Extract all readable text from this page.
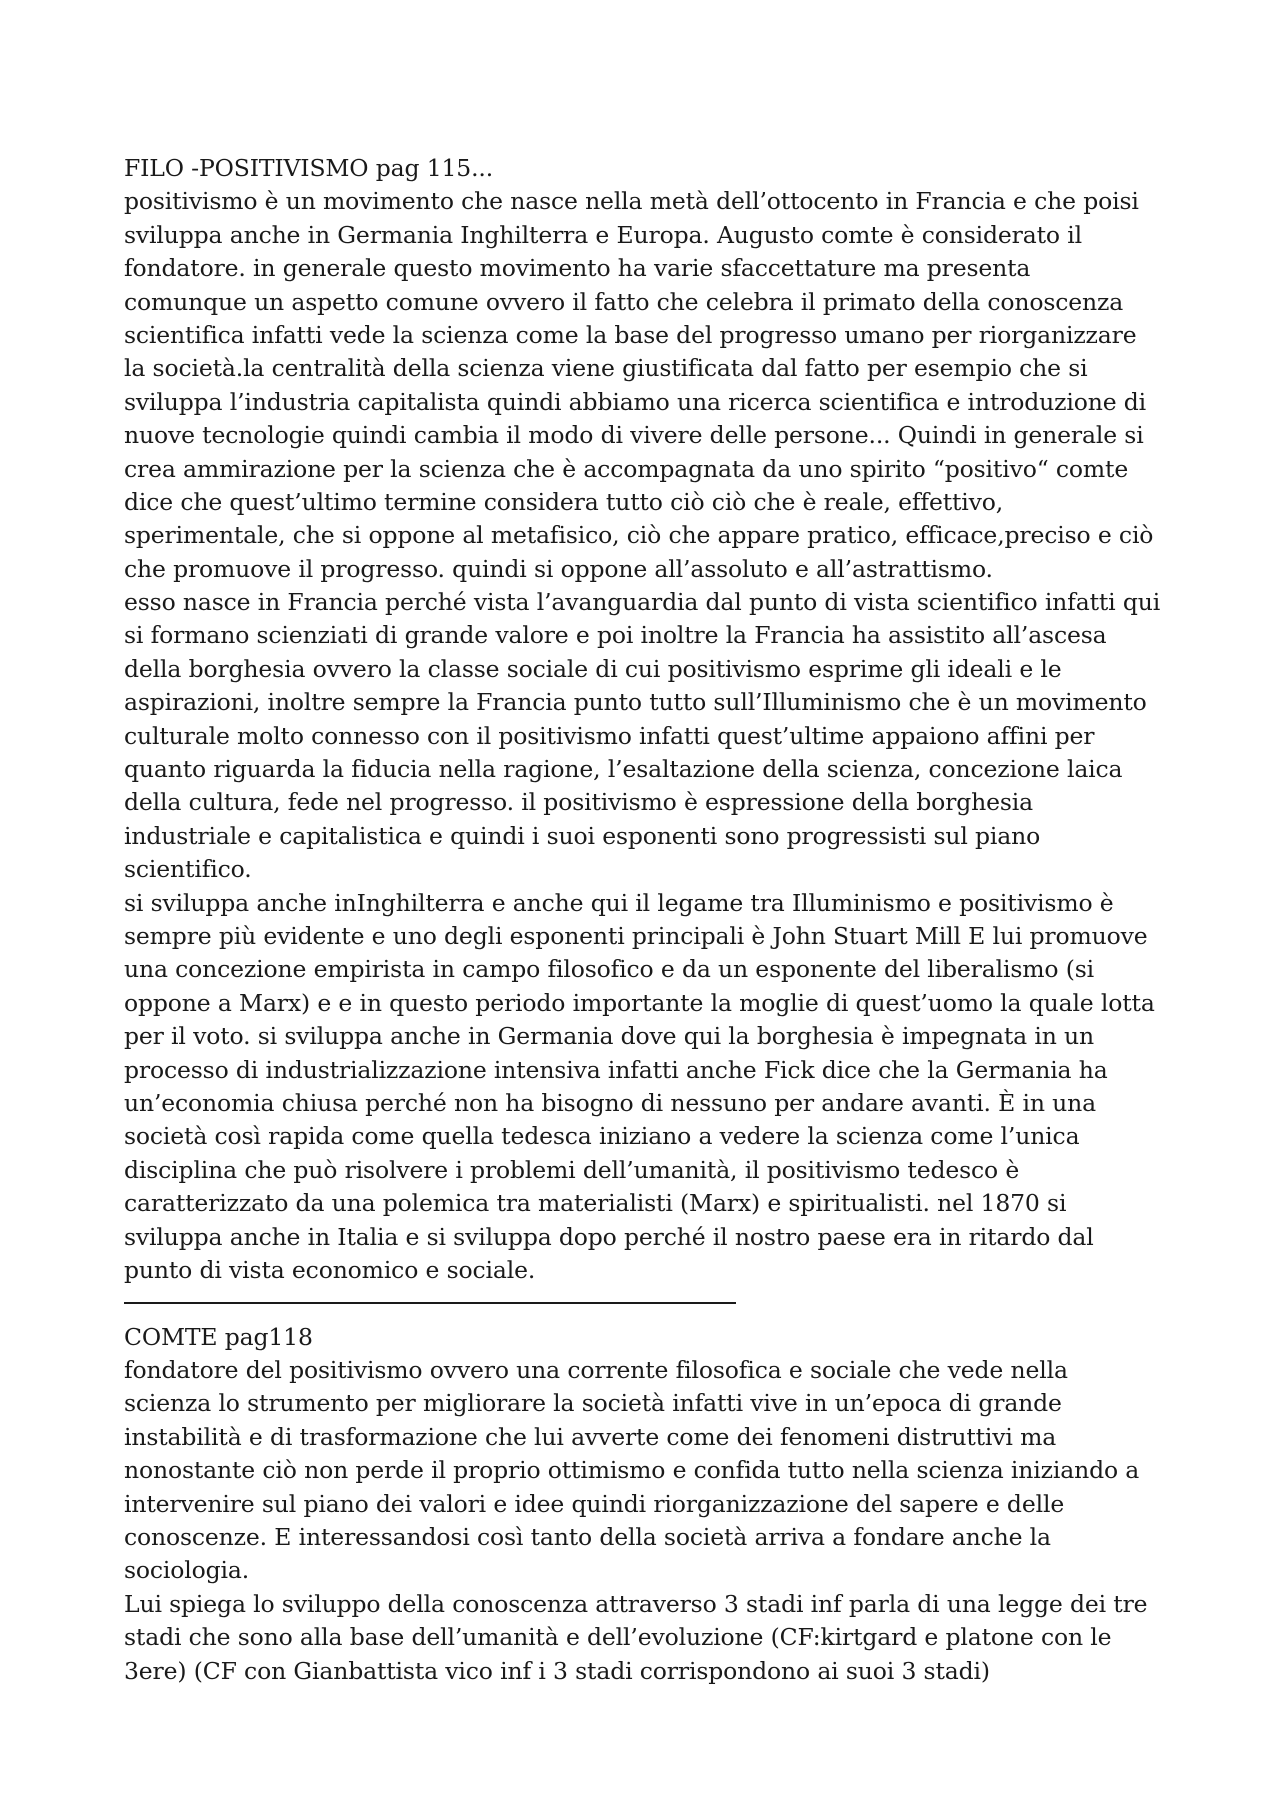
FILO -POSITIVISMO pag 115...
positivismo è un movimento che nasce nella metà dell’ottocento in Francia e che poisi
sviluppa anche in Germania Inghilterra e Europa. Augusto comte è considerato il
fondatore. in generale questo movimento ha varie sfaccettature ma presenta
comunque un aspetto comune ovvero il fatto che celebra il primato della conoscenza
scientifica infatti vede la scienza come la base del progresso umano per riorganizzare
la società.la centralità della scienza viene giustificata dal fatto per esempio che si
sviluppa l’industria capitalista quindi abbiamo una ricerca scientifica e introduzione di
nuove tecnologie quindi cambia il modo di vivere delle persone... Quindi in generale si
crea ammirazione per la scienza che è accompagnata da uno spirito “positivo“ comte
dice che quest’ultimo termine considera tutto ciò ciò che è reale, effettivo,
sperimentale, che si oppone al metafisico, ciò che appare pratico, efficace,preciso e ciò
che promuove il progresso. quindi si oppone all’assoluto e all’astrattismo.
esso nasce in Francia perché vista l’avanguardia dal punto di vista scientifico infatti qui
si formano scienziati di grande valore e poi inoltre la Francia ha assistito all’ascesa
della borghesia ovvero la classe sociale di cui positivismo esprime gli ideali e le
aspirazioni, inoltre sempre la Francia punto tutto sull’Illuminismo che è un movimento
culturale molto connesso con il positivismo infatti quest’ultime appaiono affini per
quanto riguarda la fiducia nella ragione, l’esaltazione della scienza, concezione laica
della cultura, fede nel progresso. il positivismo è espressione della borghesia
industriale e capitalistica e quindi i suoi esponenti sono progressisti sul piano
scientifico.
si sviluppa anche inInghilterra e anche qui il legame tra Illuminismo e positivismo è
sempre più evidente e uno degli esponenti principali è John Stuart Mill E lui promuove
una concezione empirista in campo filosofico e da un esponente del liberalismo (si
oppone a Marx) e e in questo periodo importante la moglie di quest’uomo la quale lotta
per il voto. si sviluppa anche in Germania dove qui la borghesia è impegnata in un
processo di industrializzazione intensiva infatti anche Fick dice che la Germania ha
un’economia chiusa perché non ha bisogno di nessuno per andare avanti. È in una
società così rapida come quella tedesca iniziano a vedere la scienza come l’unica
disciplina che può risolvere i problemi dell’umanità, il positivismo tedesco è
caratterizzato da una polemica tra materialisti (Marx) e spiritualisti. nel 1870 si
sviluppa anche in Italia e si sviluppa dopo perché il nostro paese era in ritardo dal
punto di vista economico e sociale.
COMTE pag118
fondatore del positivismo ovvero una corrente filosofica e sociale che vede nella
scienza lo strumento per migliorare la società infatti vive in un’epoca di grande
instabilità e di trasformazione che lui avverte come dei fenomeni distruttivi ma
nonostante ciò non perde il proprio ottimismo e confida tutto nella scienza iniziando a
intervenire sul piano dei valori e idee quindi riorganizzazione del sapere e delle
conoscenze. E interessandosi così tanto della società arriva a fondare anche la
sociologia.
Lui spiega lo sviluppo della conoscenza attraverso 3 stadi inf parla di una legge dei tre
stadi che sono alla base dell’umanità e dell’evoluzione (CF:kirtgard e platone con le
3ere) (CF con Gianbattista vico inf i 3 stadi corrispondono ai suoi 3 stadi)
